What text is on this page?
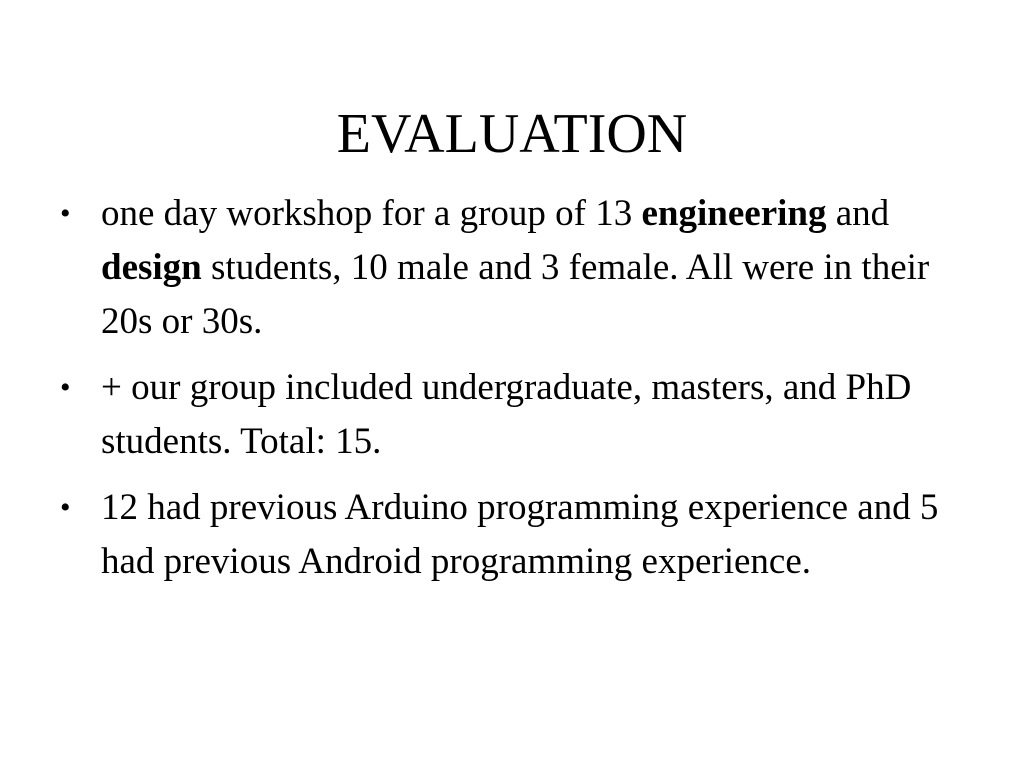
EVALUATION
• one day workshop for a group of 13 engineering and design students, 10 male and 3 female. All were in their 20s or 30s.
• + our group included undergraduate, masters, and PhD students. Total: 15.
• 12 had previous Arduino programming experience and 5 had previous Android programming experience.
